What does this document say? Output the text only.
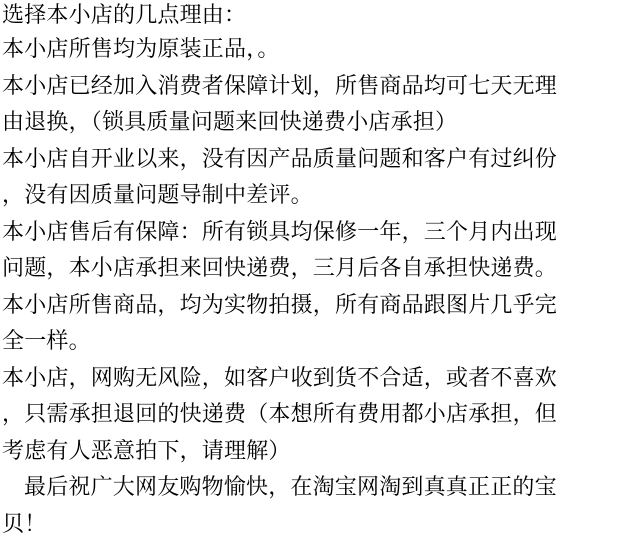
选择本小店的几点理由：
本小店所售均为原装正品，。
本小店已经加入消费者保障计划，所售商品均可七天无理
由退换，（锁具质量问题来回快递费小店承担）
本小店自开业以来，没有因产品质量问题和客户有过纠份
，没有因质量问题导制中差评。
本小店售后有保障：所有锁具均保修一年，三个月内出现
问题，本小店承担来回快递费，三月后各自承担快递费。
本小店所售商品，均为实物拍摄，所有商品跟图片几乎完
全一样。
本小店，网购无风险，如客户收到货不合适，或者不喜欢
，只需承担退回的快递费（本想所有费用都小店承担，但
考虑有人恶意拍下，请理解）
最后祝广大网友购物愉快，在淘宝网淘到真真正正的宝
贝！
